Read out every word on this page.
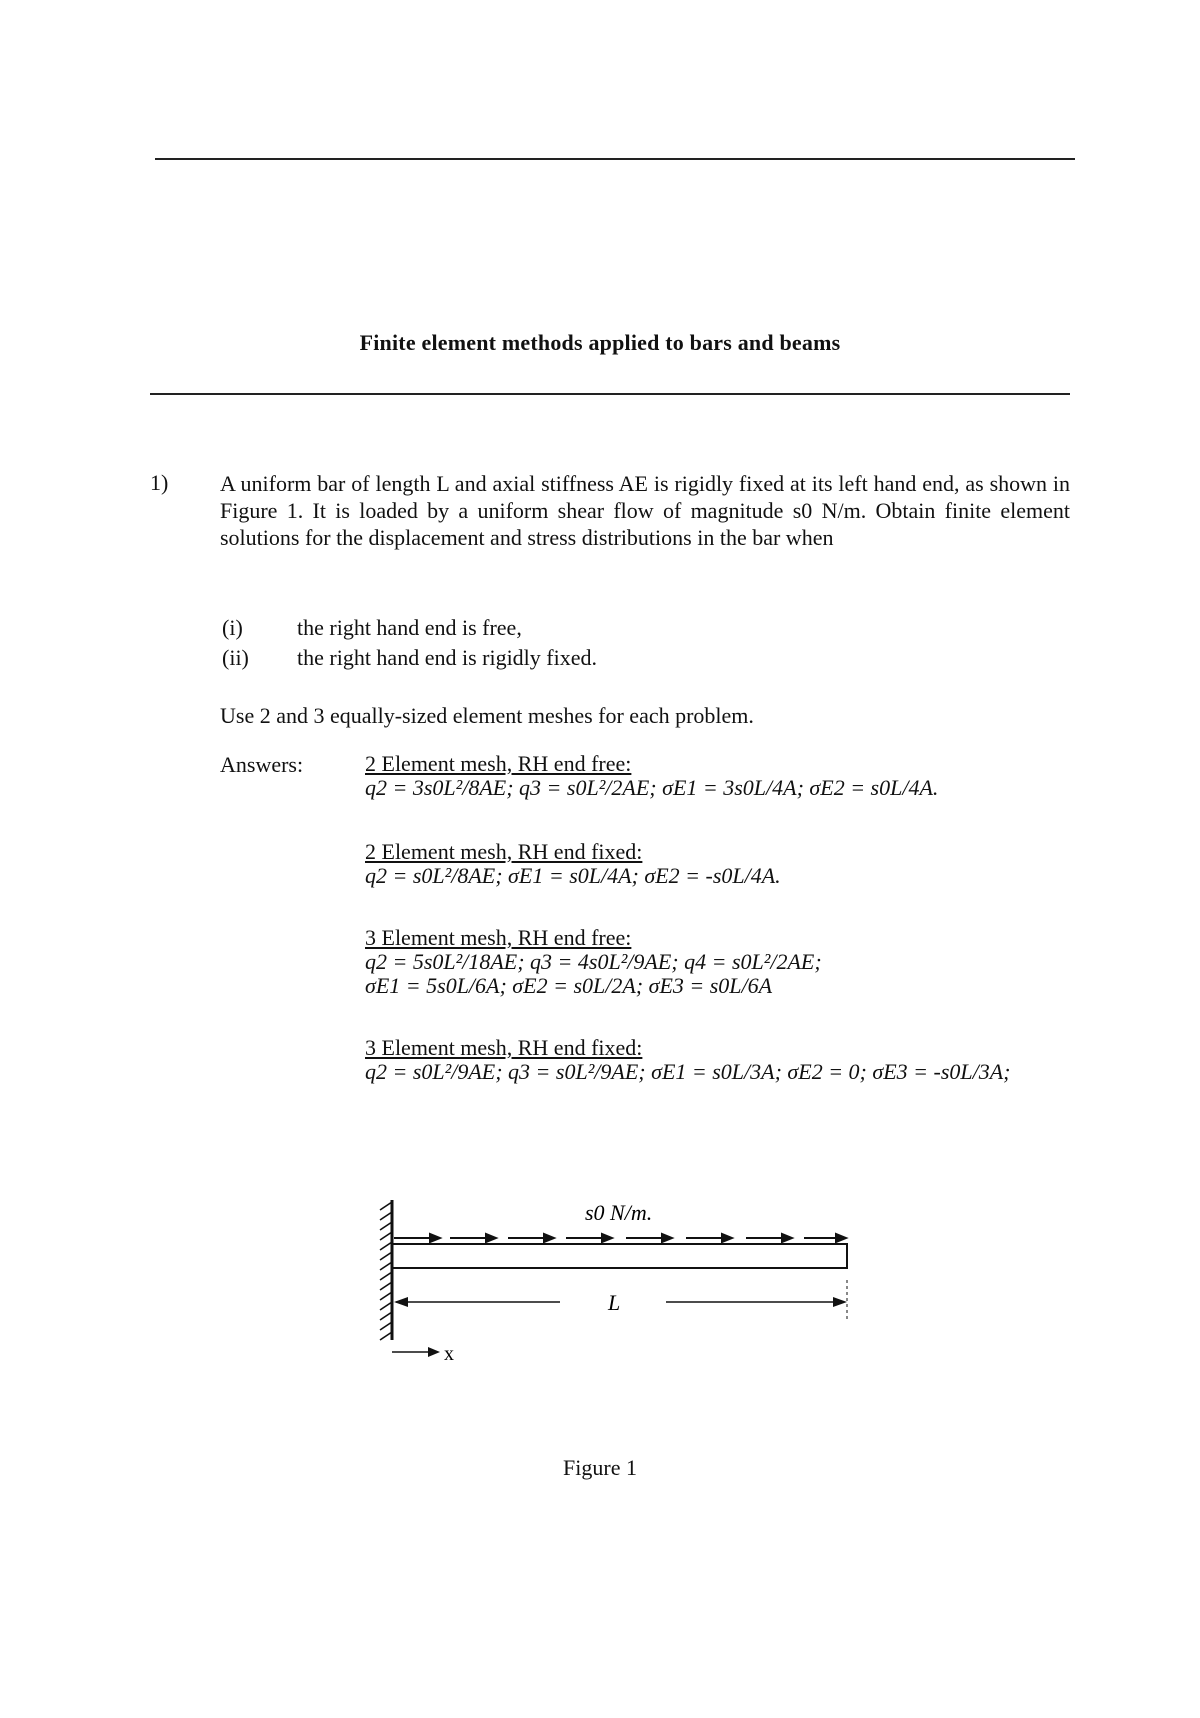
Finite element methods applied to bars and beams
1) A uniform bar of length L and axial stiffness AE is rigidly fixed at its left hand end, as shown in Figure 1. It is loaded by a uniform shear flow of magnitude s0 N/m. Obtain finite element solutions for the displacement and stress distributions in the bar when
(i) the right hand end is free,
(ii) the right hand end is rigidly fixed.
Use 2 and 3 equally-sized element meshes for each problem.
Answers:	2 Element mesh, RH end free:
q2 = 3s0L²/8AE; q3 = s0L²/2AE; σE1 = 3s0L/4A; σE2 = s0L/4A.
2 Element mesh, RH end fixed:
q2 = s0L²/8AE; σE1 = s0L/4A; σE2 = -s0L/4A.
3 Element mesh, RH end free:
q2 = 5s0L²/18AE; q3 = 4s0L²/9AE; q4 = s0L²/2AE;
σE1 = 5s0L/6A; σE2 = s0L/2A; σE3 = s0L/6A
3 Element mesh, RH end fixed:
q2 = s0L²/9AE; q3 = s0L²/9AE; σE1 = s0L/3A; σE2 = 0; σE3 = -s0L/3A;
s0 N/m.
L
x
Figure 1
